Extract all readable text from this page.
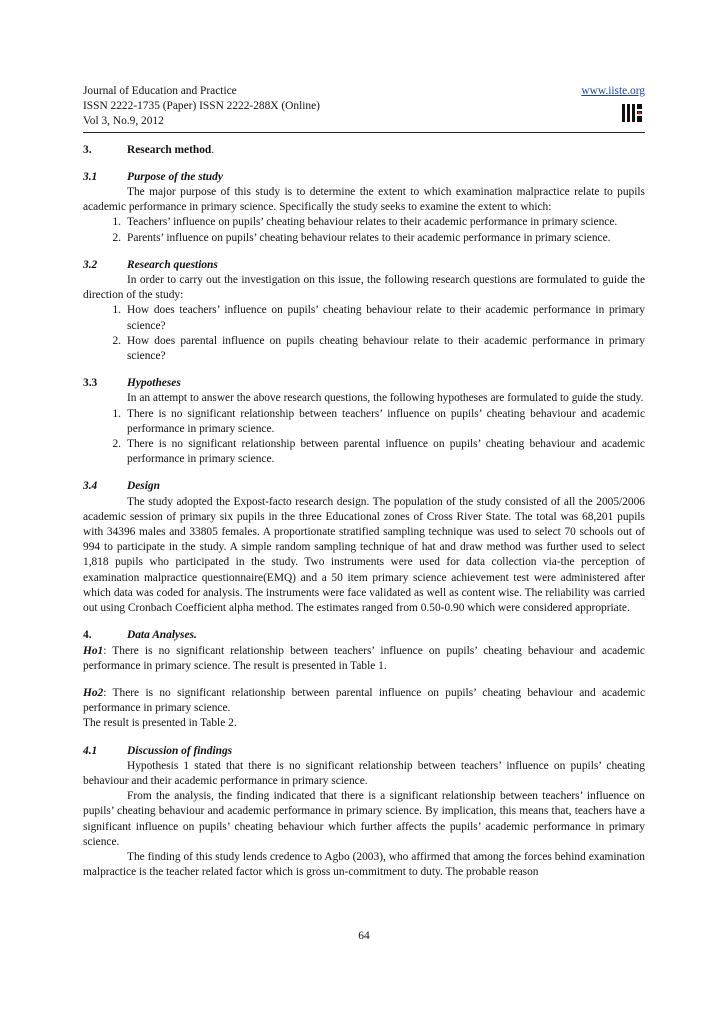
Journal of Education and Practice
ISSN 2222-1735 (Paper) ISSN 2222-288X (Online)
Vol 3, No.9, 2012
www.iiste.org

3.	Research method.
3.1	Purpose of the study

The major purpose of this study is to determine the extent to which examination malpractice relate to pupils academic performance in primary science. Specifically the study seeks to examine the extent to which:

1. Teachers’ influence on pupils’ cheating behaviour relates to their academic performance in primary science.
2. Parents’ influence on pupils’ cheating behaviour relates to their academic performance in primary science.
3.2	Research questions

In order to carry out the investigation on this issue, the following research questions are formulated to guide the direction of the study:

1. How does teachers’ influence on pupils’ cheating behaviour relate to their academic performance in primary science?
2. How does parental influence on pupils cheating behaviour relate to their academic performance in primary science?
3.3	Hypotheses

In an attempt to answer the above research questions, the following hypotheses are formulated to guide the study.

1. There is no significant relationship between teachers’ influence on pupils’ cheating behaviour and academic performance in primary science.
2. There is no significant relationship between parental influence on pupils’ cheating behaviour and academic performance in primary science.
3.4	Design

The study adopted the Expost-facto research design. The population of the study consisted of all the 2005/2006 academic session of primary six pupils in the three Educational zones of Cross River State. The total was 68,201 pupils with 34396 males and 33805 females. A proportionate stratified sampling technique was used to select 70 schools out of 994 to participate in the study. A simple random sampling technique of hat and draw method was further used to select 1,818 pupils who participated in the study. Two instruments were used for data collection via-the perception of examination malpractice questionnaire(EMQ) and a 50 item primary science achievement test were administered after which data was coded for analysis. The instruments were face validated as well as content wise. The reliability was carried out using Cronbach Coefficient alpha method. The estimates ranged from 0.50-0.90 which were considered appropriate.

4.	Data Analyses.

Ho1: There is no significant relationship between teachers’ influence on pupils’ cheating behaviour and academic performance in primary science. The result is presented in Table 1.

Ho2: There is no significant relationship between parental influence on pupils’ cheating behaviour and academic performance in primary science.

The result is presented in Table 2.

4.1	Discussion of findings

Hypothesis 1 stated that there is no significant relationship between teachers’ influence on pupils’ cheating behaviour and their academic performance in primary science.

From the analysis, the finding indicated that there is a significant relationship between teachers’ influence on pupils’ cheating behaviour and academic performance in primary science. By implication, this means that, teachers have a significant influence on pupils’ cheating behaviour which further affects the pupils’ academic performance in primary science.

The finding of this study lends credence to Agbo (2003), who affirmed that among the forces behind examination malpractice is the teacher related factor which is gross un-commitment to duty. The probable reason

64
